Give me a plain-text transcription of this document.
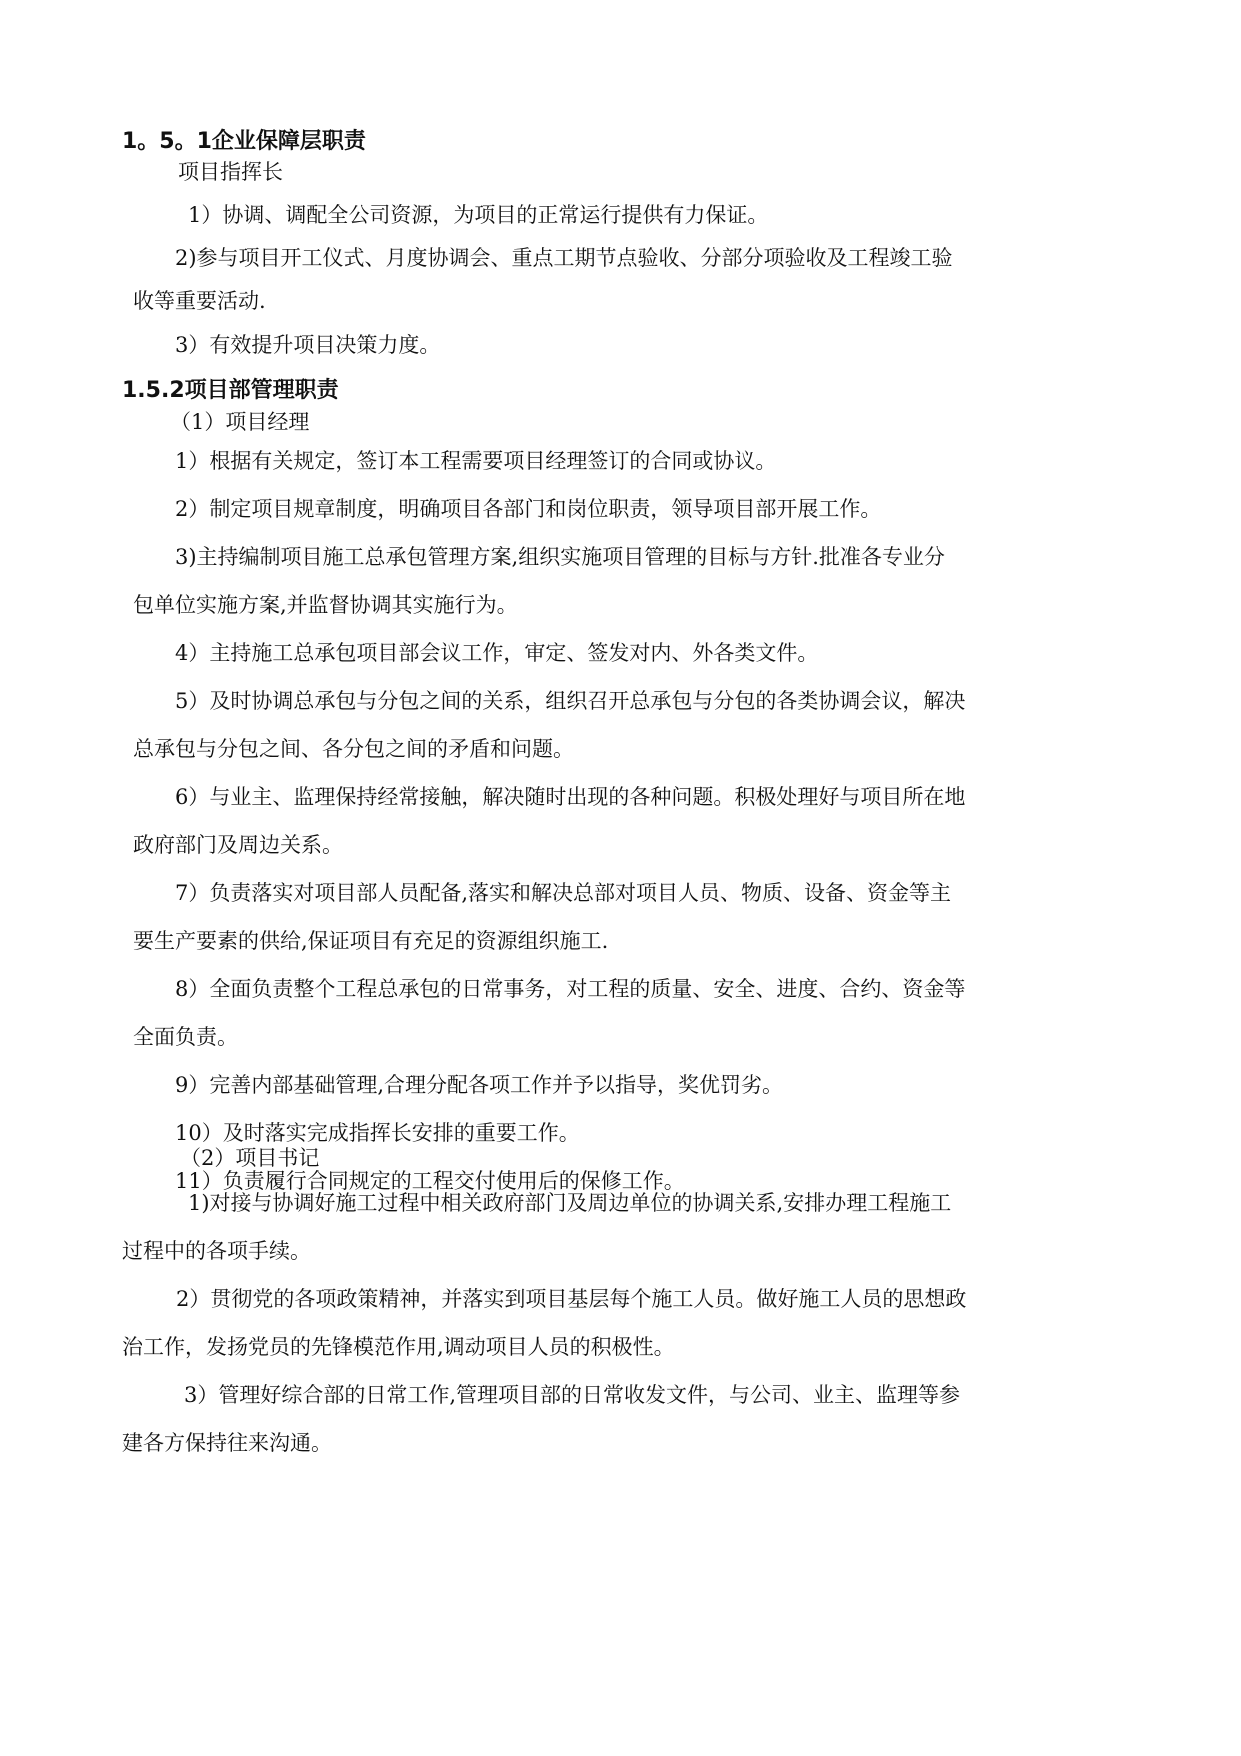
1。5。1企业保障层职责

项目指挥长

1）协调、调配全公司资源，为项目的正常运行提供有力保证。

2)参与项目开工仪式、月度协调会、重点工期节点验收、分部分项验收及工程竣工验

收等重要活动.

3）有效提升项目决策力度。

1.5.2项目部管理职责

（1）项目经理

1）根据有关规定，签订本工程需要项目经理签订的合同或协议。
2）制定项目规章制度，明确项目各部门和岗位职责，领导项目部开展工作。
3)主持编制项目施工总承包管理方案,组织实施项目管理的目标与方针.批准各专业分
包单位实施方案,并监督协调其实施行为。
4）主持施工总承包项目部会议工作，审定、签发对内、外各类文件。
5）及时协调总承包与分包之间的关系，组织召开总承包与分包的各类协调会议，解决
总承包与分包之间、各分包之间的矛盾和问题。
6）与业主、监理保持经常接触，解决随时出现的各种问题。积极处理好与项目所在地
政府部门及周边关系。
7）负责落实对项目部人员配备,落实和解决总部对项目人员、物质、设备、资金等主
要生产要素的供给,保证项目有充足的资源组织施工.
8）全面负责整个工程总承包的日常事务，对工程的质量、安全、进度、合约、资金等
全面负责。
9）完善内部基础管理,合理分配各项工作并予以指导，奖优罚劣。
10）及时落实完成指挥长安排的重要工作。
11）负责履行合同规定的工程交付使用后的保修工作。

（2）项目书记

1)对接与协调好施工过程中相关政府部门及周边单位的协调关系,安排办理工程施工
过程中的各项手续。
2）贯彻党的各项政策精神，并落实到项目基层每个施工人员。做好施工人员的思想政
治工作，发扬党员的先锋模范作用,调动项目人员的积极性。
3）管理好综合部的日常工作,管理项目部的日常收发文件，与公司、业主、监理等参
建各方保持往来沟通。
